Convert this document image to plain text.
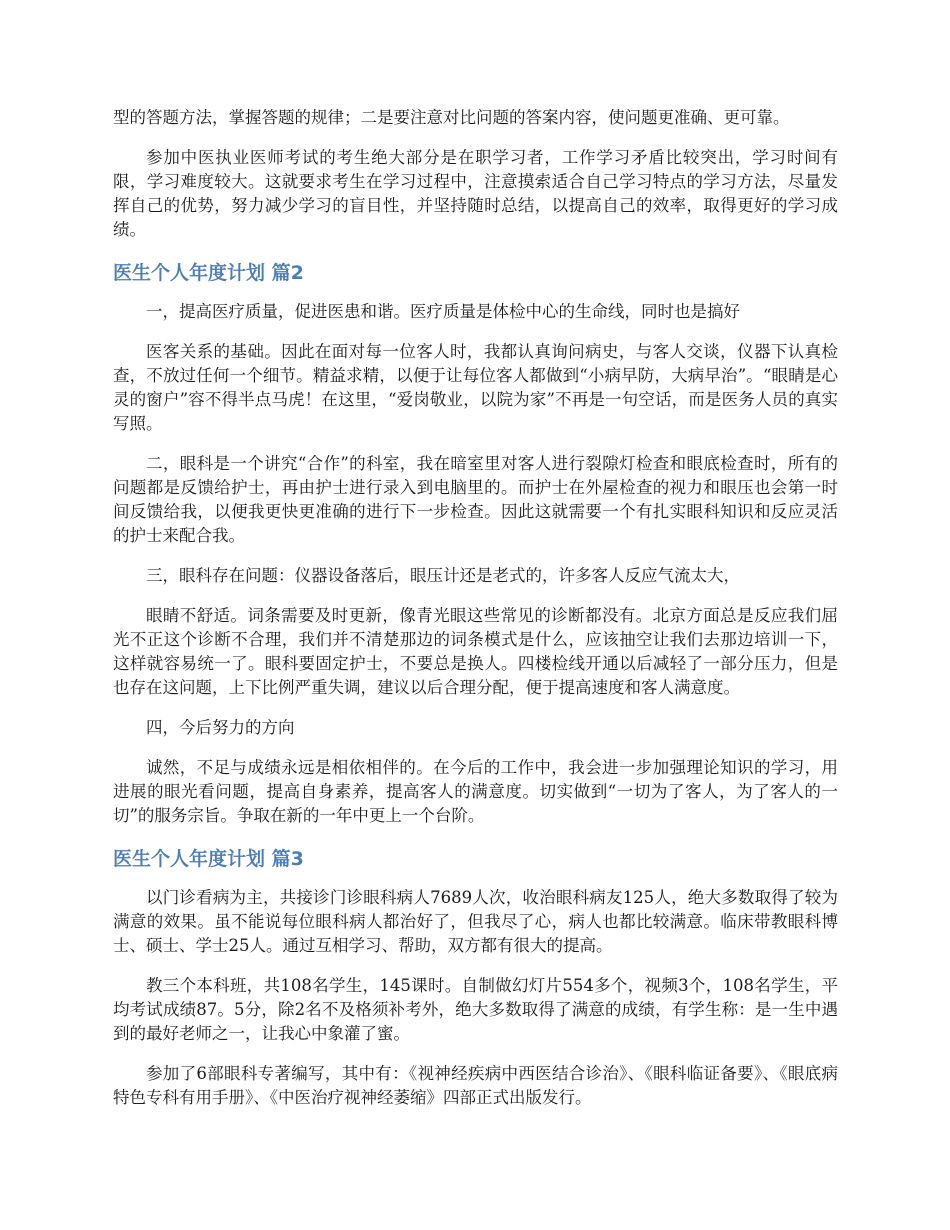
型的答题方法，掌握答题的规律；二是要注意对比问题的答案内容，使问题更准确、更可靠。

参加中医执业医师考试的考生绝大部分是在职学习者，工作学习矛盾比较突出，学习时间有限，学习难度较大。这就要求考生在学习过程中，注意摸索适合自己学习特点的学习方法，尽量发挥自己的优势，努力减少学习的盲目性，并坚持随时总结，以提高自己的效率，取得更好的学习成绩。

医生个人年度计划 篇2

一，提高医疗质量，促进医患和谐。医疗质量是体检中心的生命线，同时也是搞好

医客关系的基础。因此在面对每一位客人时，我都认真询问病史，与客人交谈，仪器下认真检查，不放过任何一个细节。精益求精，以便于让每位客人都做到“小病早防，大病早治”。“眼睛是心灵的窗户”容不得半点马虎！在这里，“爱岗敬业，以院为家”不再是一句空话，而是医务人员的真实写照。

二，眼科是一个讲究“合作”的科室，我在暗室里对客人进行裂隙灯检查和眼底检查时，所有的问题都是反馈给护士，再由护士进行录入到电脑里的。而护士在外屋检查的视力和眼压也会第一时间反馈给我，以便我更快更准确的进行下一步检查。因此这就需要一个有扎实眼科知识和反应灵活的护士来配合我。

三，眼科存在问题：仪器设备落后，眼压计还是老式的，许多客人反应气流太大，

眼睛不舒适。词条需要及时更新，像青光眼这些常见的诊断都没有。北京方面总是反应我们屈光不正这个诊断不合理，我们并不清楚那边的词条模式是什么，应该抽空让我们去那边培训一下，这样就容易统一了。眼科要固定护士，不要总是换人。四楼检线开通以后减轻了一部分压力，但是也存在这问题，上下比例严重失调，建议以后合理分配，便于提高速度和客人满意度。

四，今后努力的方向

诚然，不足与成绩永远是相依相伴的。在今后的工作中，我会进一步加强理论知识的学习，用进展的眼光看问题，提高自身素养，提高客人的满意度。切实做到“一切为了客人，为了客人的一切”的服务宗旨。争取在新的一年中更上一个台阶。

医生个人年度计划 篇3

以门诊看病为主，共接诊门诊眼科病人7689人次，收治眼科病友125人，绝大多数取得了较为满意的效果。虽不能说每位眼科病人都治好了，但我尽了心，病人也都比较满意。临床带教眼科博士、硕士、学士25人。通过互相学习、帮助，双方都有很大的提高。

教三个本科班，共108名学生，145课时。自制做幻灯片554多个，视频3个，108名学生，平均考试成绩87。5分，除2名不及格须补考外，绝大多数取得了满意的成绩，有学生称：是一生中遇到的最好老师之一，让我心中象灌了蜜。

参加了6部眼科专著编写，其中有：《视神经疾病中西医结合诊治》、《眼科临证备要》、《眼底病特色专科有用手册》、《中医治疗视神经萎缩》四部正式出版发行。
